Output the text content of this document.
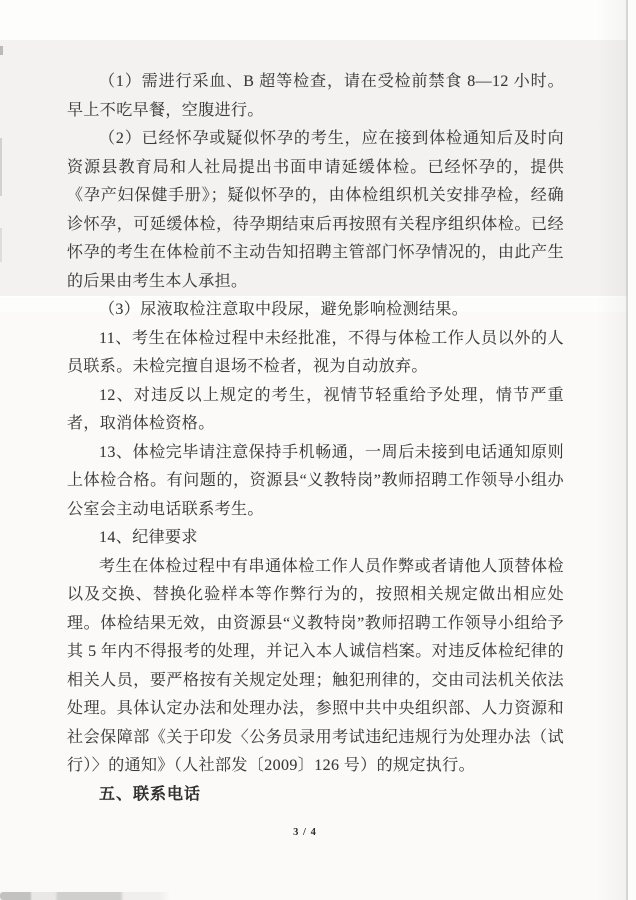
（1）需进行采血、B 超等检查，请在受检前禁食 8—12 小时。早上不吃早餐，空腹进行。

（2）已经怀孕或疑似怀孕的考生，应在接到体检通知后及时向资源县教育局和人社局提出书面申请延缓体检。已经怀孕的，提供《孕产妇保健手册》；疑似怀孕的，由体检组织机关安排孕检，经确诊怀孕，可延缓体检，待孕期结束后再按照有关程序组织体检。已经怀孕的考生在体检前不主动告知招聘主管部门怀孕情况的，由此产生的后果由考生本人承担。

（3）尿液取检注意取中段尿，避免影响检测结果。

11、考生在体检过程中未经批准，不得与体检工作人员以外的人员联系。未检完擅自退场不检者，视为自动放弃。

12、对违反以上规定的考生，视情节轻重给予处理，情节严重者，取消体检资格。

13、体检完毕请注意保持手机畅通，一周后未接到电话通知原则上体检合格。有问题的，资源县“义教特岗”教师招聘工作领导小组办公室会主动电话联系考生。

14、纪律要求

考生在体检过程中有串通体检工作人员作弊或者请他人顶替体检以及交换、替换化验样本等作弊行为的，按照相关规定做出相应处理。体检结果无效，由资源县“义教特岗”教师招聘工作领导小组给予其 5 年内不得报考的处理，并记入本人诚信档案。对违反体检纪律的相关人员，要严格按有关规定处理；触犯刑律的，交由司法机关依法处理。具体认定办法和处理办法，参照中共中央组织部、人力资源和社会保障部《关于印发〈公务员录用考试违纪违规行为处理办法（试行）〉的通知》（人社部发〔2009〕126 号）的规定执行。

五、联系电话

3 / 4
